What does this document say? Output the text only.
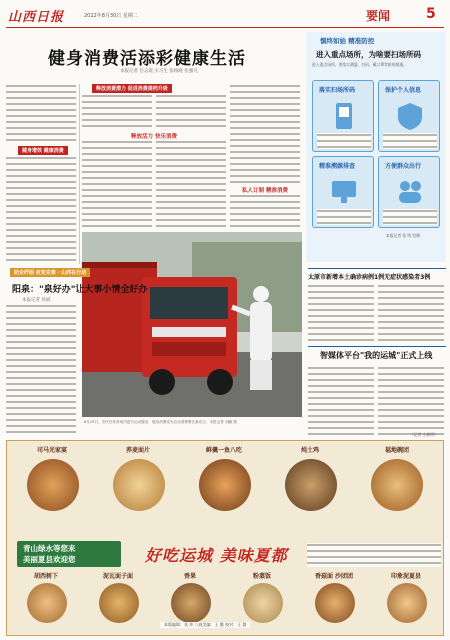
山西日报	2022年8月30日 星期二	要闻	5
健身消费活添彩健康生活
本报记者 任志霞 实习生 张杨晓 张强凡
健身增效 健康消费
释放消费潜力 促进消费提档升级
释放活力 快乐消费
私人订制 精准消费
8月29日，市民在体育场内进行运动健身，健身消费成为拉动消费增长新亮点。本报记者 刘鹏 摄
助企纾困 应变克难 · 山西在行动
阳泉："泉好办"让大事小情全好办
本报记者 孙斌
慎终如始 精准防控
进入重点场所，为啥要扫场所码
进入重点场所，要落实测温、扫码、戴口罩等防疫措施。
落实扫场所码	保护个人信息
精准溯源排查	方便群众出行
本报记者 张 明 绘制
太原市新增本土确诊病例1例无症状感染者3例
智媒体平台"我的运城"正式上线
（记者 左新明）
司马光家宴	荞麦面片	鲜羹一鱼八吃	炖土鸡	福地碗团
青山绿水等您来
美丽夏县欢迎您	好吃运城 美味夏都
胡西树下	泥瓦面子面	香果	粉蒸饭	香菇面 沙团团	印象泥夏县
本版编辑：张 冲 八视美编：王 勤 校对：王 磐
